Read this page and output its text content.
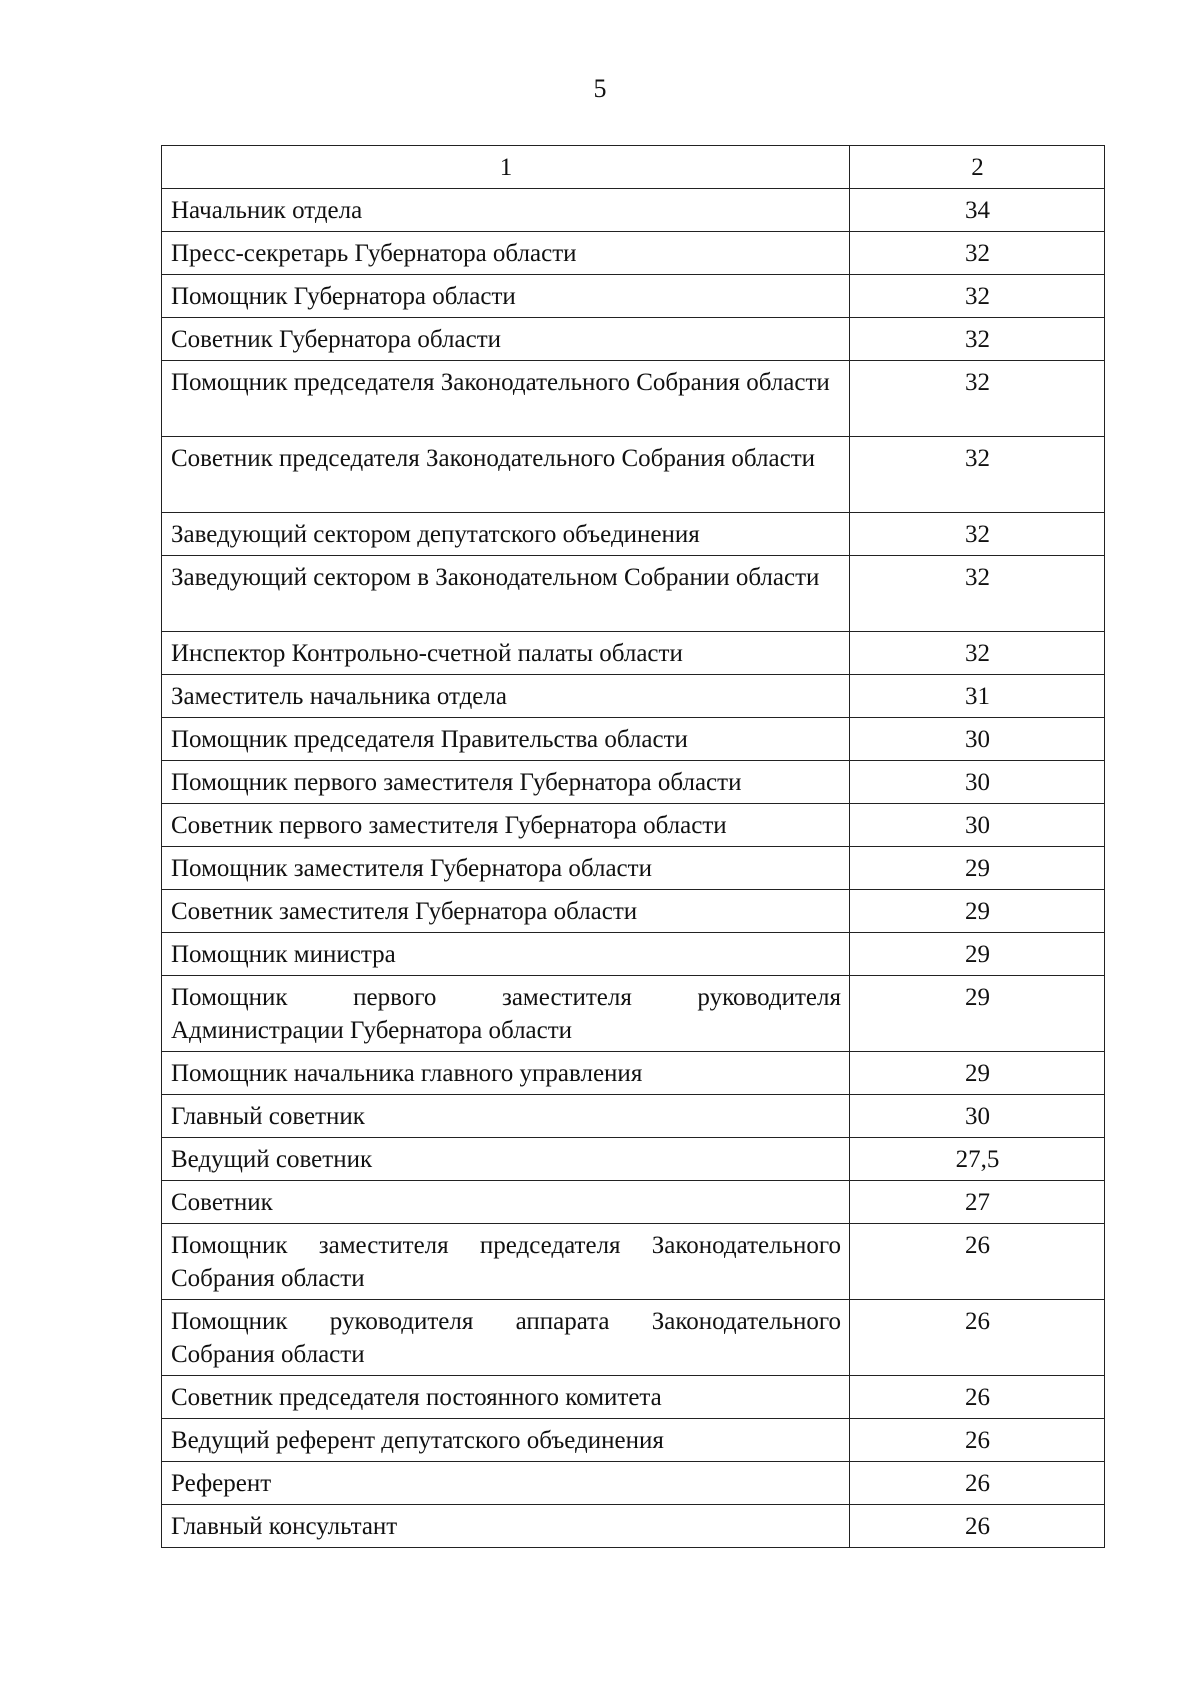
5
1	2
Начальник отдела	34
Пресс-секретарь Губернатора области	32
Помощник Губернатора области	32
Советник Губернатора области	32
Помощник председателя Законодательного Собрания области	32
Советник председателя Законодательного Собрания области	32
Заведующий сектором депутатского объединения	32
Заведующий сектором в Законодательном Собрании области	32
Инспектор Контрольно-счетной палаты области	32
Заместитель начальника отдела	31
Помощник председателя Правительства области	30
Помощник первого заместителя Губернатора области	30
Советник первого заместителя Губернатора области	30
Помощник заместителя Губернатора области	29
Советник заместителя Губернатора области	29
Помощник министра	29
Помощник первого заместителя руководителя Администрации Губернатора области	29
Помощник начальника главного управления	29
Главный советник	30
Ведущий советник	27,5
Советник	27
Помощник заместителя председателя Законодательного Собрания области	26
Помощник руководителя аппарата Законодательного Собрания области	26
Советник председателя постоянного комитета	26
Ведущий референт депутатского объединения	26
Референт	26
Главный консультант	26
